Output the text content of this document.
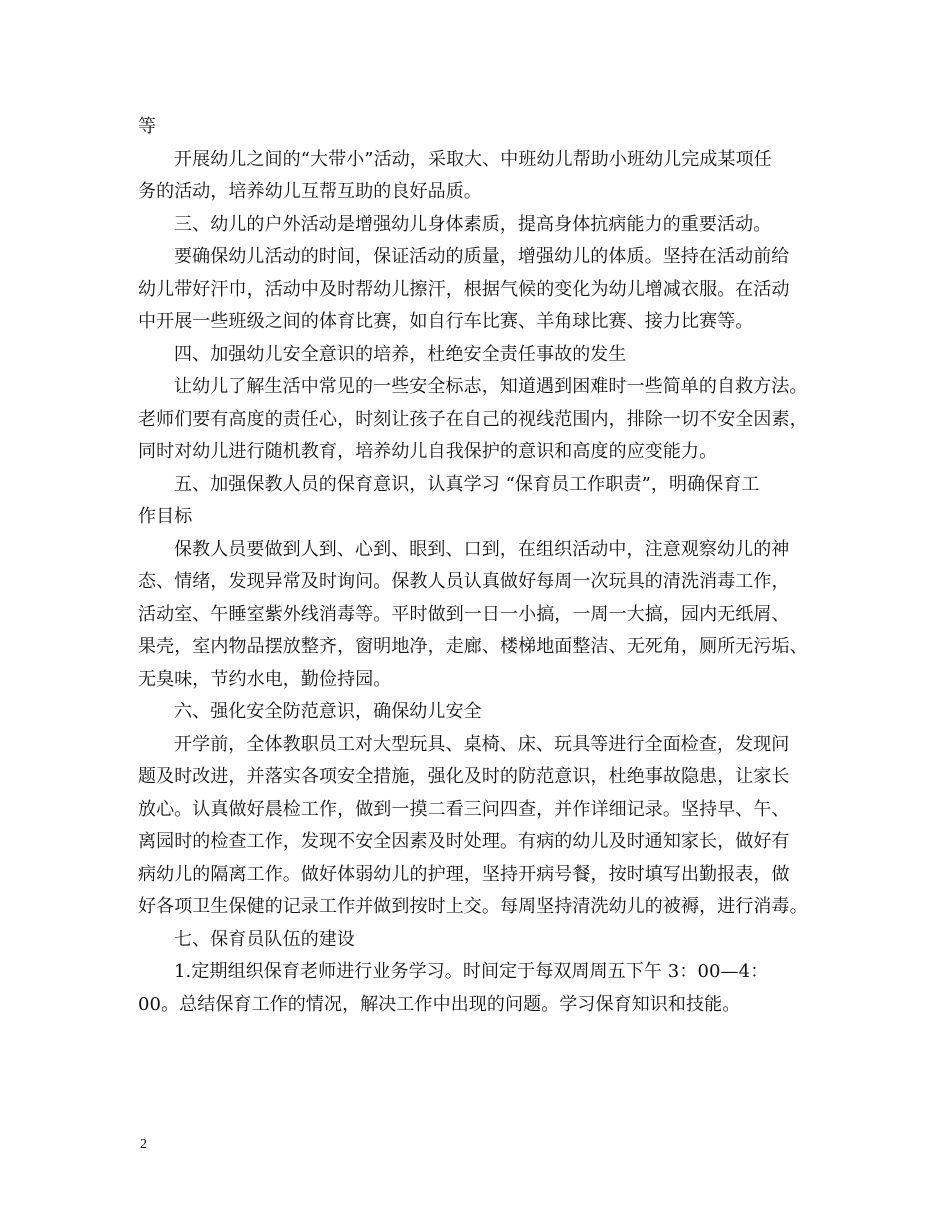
等
开展幼儿之间的“大带小”活动，采取大、中班幼儿帮助小班幼儿完成某项任
务的活动，培养幼儿互帮互助的良好品质。
三、幼儿的户外活动是增强幼儿身体素质，提高身体抗病能力的重要活动。
要确保幼儿活动的时间，保证活动的质量，增强幼儿的体质。坚持在活动前给
幼儿带好汗巾，活动中及时帮幼儿擦汗，根据气候的变化为幼儿增减衣服。在活动
中开展一些班级之间的体育比赛，如自行车比赛、羊角球比赛、接力比赛等。
四、加强幼儿安全意识的培养，杜绝安全责任事故的发生
让幼儿了解生活中常见的一些安全标志，知道遇到困难时一些简单的自救方法。
老师们要有高度的责任心，时刻让孩子在自己的视线范围内，排除一切不安全因素，
同时对幼儿进行随机教育，培养幼儿自我保护的意识和高度的应变能力。
五、加强保教人员的保育意识，认真学习 “保育员工作职责”，明确保育工
作目标
保教人员要做到人到、心到、眼到、口到，在组织活动中，注意观察幼儿的神
态、情绪，发现异常及时询问。保教人员认真做好每周一次玩具的清洗消毒工作，
活动室、午睡室紫外线消毒等。平时做到一日一小搞，一周一大搞，园内无纸屑、
果壳，室内物品摆放整齐，窗明地净，走廊、楼梯地面整洁、无死角，厕所无污垢、
无臭味，节约水电，勤俭持园。
六、强化安全防范意识，确保幼儿安全
开学前，全体教职员工对大型玩具、桌椅、床、玩具等进行全面检查，发现问
题及时改进，并落实各项安全措施，强化及时的防范意识，杜绝事故隐患，让家长
放心。认真做好晨检工作，做到一摸二看三问四查，并作详细记录。坚持早、午、
离园时的检查工作，发现不安全因素及时处理。有病的幼儿及时通知家长，做好有
病幼儿的隔离工作。做好体弱幼儿的护理，坚持开病号餐，按时填写出勤报表，做
好各项卫生保健的记录工作并做到按时上交。每周坚持清洗幼儿的被褥，进行消毒。
七、保育员队伍的建设
1.定期组织保育老师进行业务学习。时间定于每双周周五下午 3：00—4：
00。总结保育工作的情况，解决工作中出现的问题。学习保育知识和技能。
2
